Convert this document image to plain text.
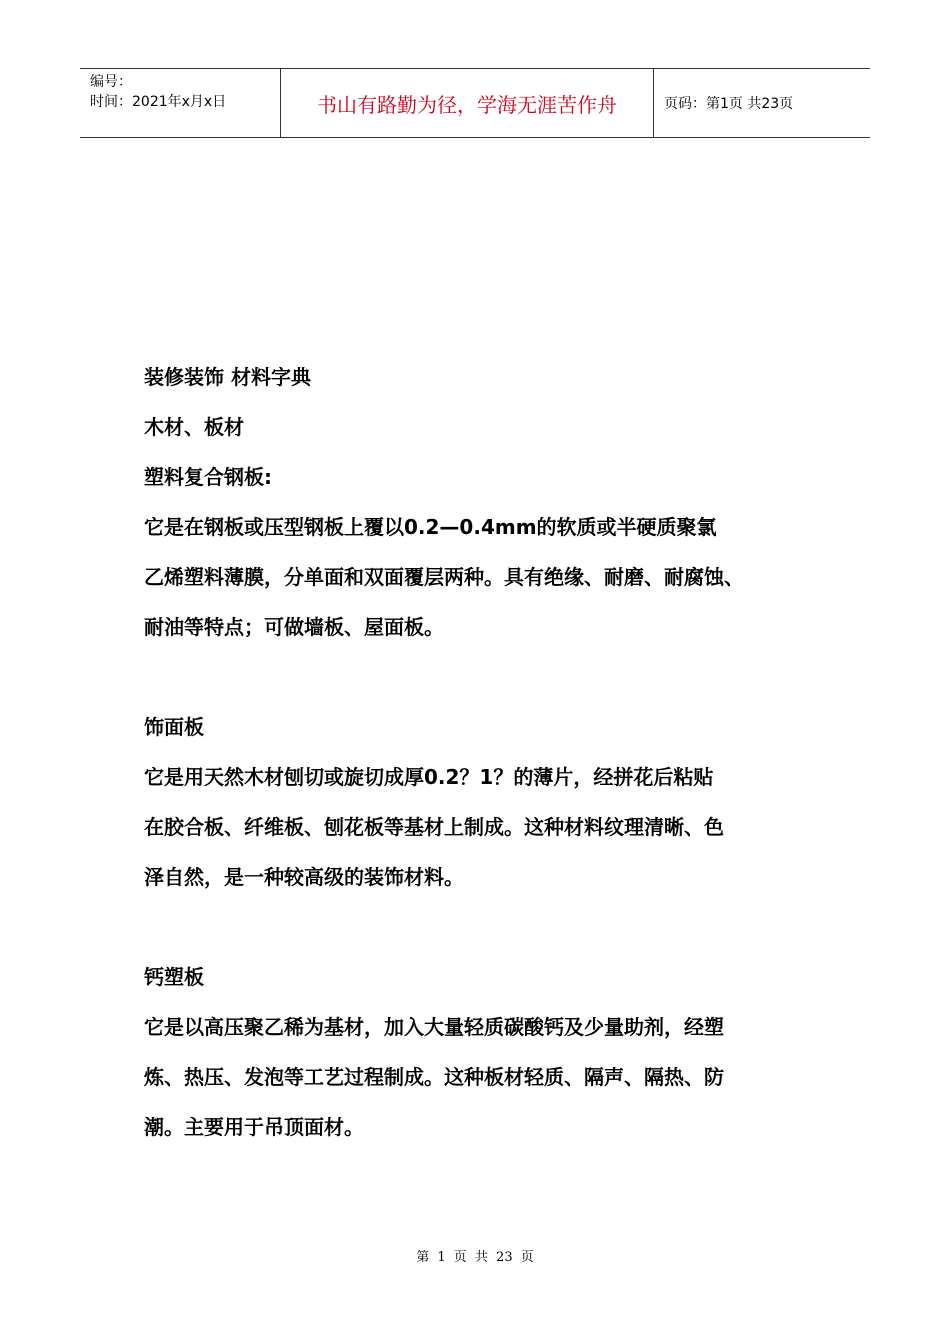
编号：
时间：2021年x月x日	书山有路勤为径，学海无涯苦作舟	页码：第1页 共23页

装修装饰 材料字典

木材、板材

塑料复合钢板:

它是在钢板或压型钢板上覆以0.2—0.4mm的软质或半硬质聚氯

乙烯塑料薄膜，分单面和双面覆层两种。具有绝缘、耐磨、耐腐蚀、

耐油等特点；可做墙板、屋面板。

饰面板

它是用天然木材刨切或旋切成厚0.2？1？的薄片，经拼花后粘贴

在胶合板、纤维板、刨花板等基材上制成。这种材料纹理清晰、色

泽自然，是一种较高级的装饰材料。

钙塑板

它是以高压聚乙稀为基材，加入大量轻质碳酸钙及少量助剂，经塑

炼、热压、发泡等工艺过程制成。这种板材轻质、隔声、隔热、防

潮。主要用于吊顶面材。

第 1 页 共 23 页
